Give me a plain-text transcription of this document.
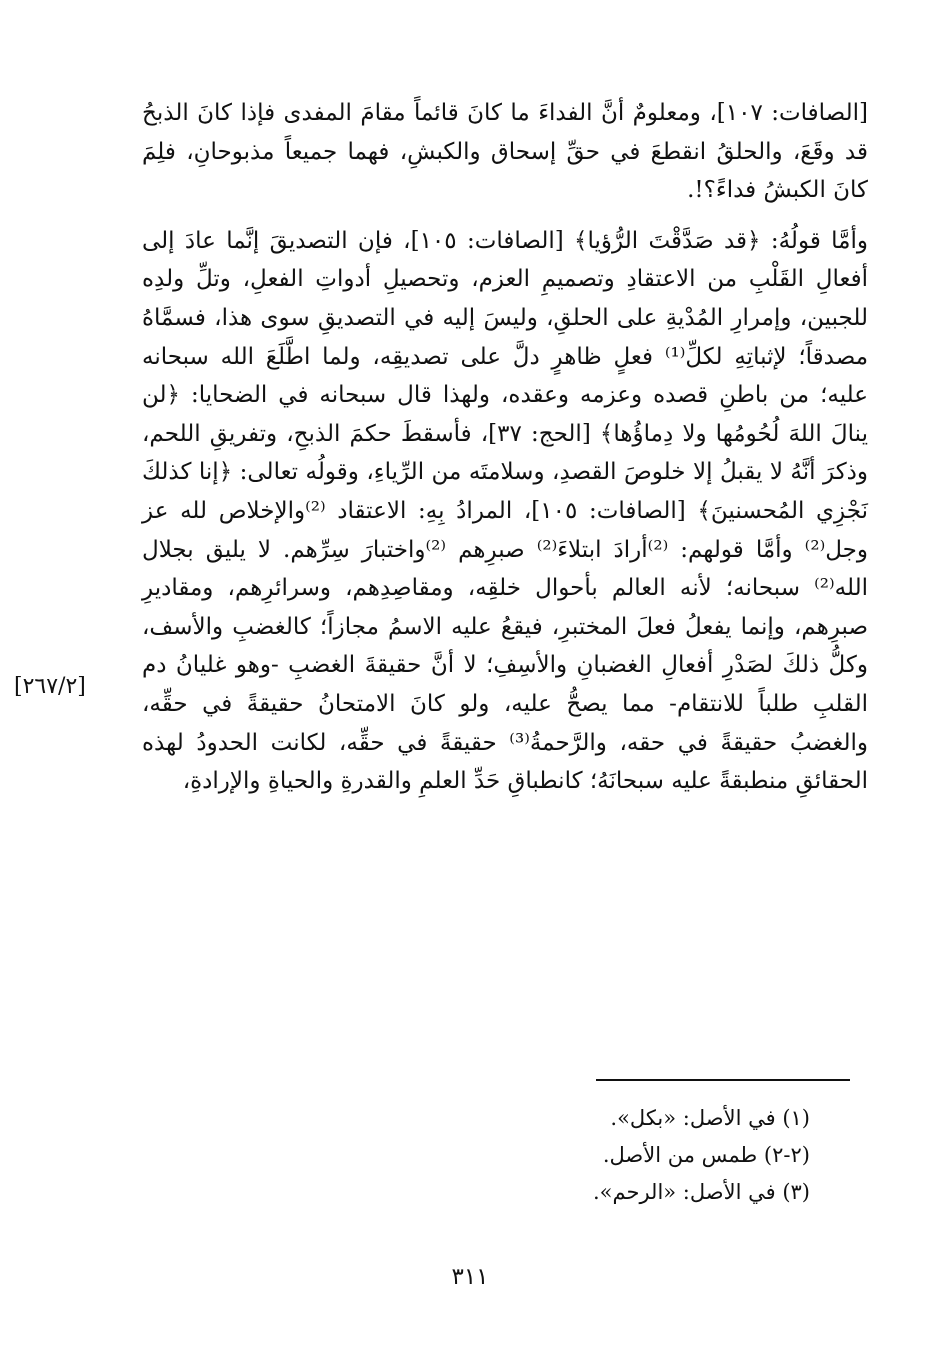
[الصافات: ١٠٧]، ومعلومٌ أنَّ الفداءَ ما كانَ قائماً مقامَ المفدى فإذا كانَ الذبحُ قد وقَعَ، والحلقُ انقطعَ في حقِّ إسحاق والكبشِ، فهما جميعاً مذبوحانِ، فلِمَ كانَ الكبشُ فداءً؟!.

وأمَّا قولُهُ: ﴿قد صَدَّقْتَ الرُّؤيا﴾ [الصافات: ١٠٥]، فإن التصديقَ إنَّما عادَ إلى أفعالِ القَلْبِ من الاعتقادِ وتصميمِ العزم، وتحصيلِ أدواتِ الفعلِ، وتلِّ ولدِه للجبين، وإمرارِ المُدْيةِ على الحلقِ، وليسَ إليه في التصديقِ سوى هذا، فسمَّاهُ مصدقاً؛ لإثباتِهِ لكلِّ⁽¹⁾ فعلٍ ظاهرٍ دلَّ على تصديقِه، ولما اطَّلَعَ الله سبحانه عليه؛ من باطنِ قصده وعزمه وعقده، ولهذا قال سبحانه في الضحايا: ﴿لن ينالَ اللهَ لُحُومُها ولا دِماؤُها﴾ [الحج: ٣٧]، فأسقطَ حكمَ الذبحِ، وتفريقِ اللحم، وذكرَ أنَّهُ لا يقبلُ إلا خلوصَ القصدِ، وسلامتَه من الرِّياءِ، وقولُه تعالى: ﴿إنا كذلكَ نَجْزِي المُحسنينَ﴾ [الصافات: ١٠٥]، المرادُ بِهِ: الاعتقاد ⁽²⁾والإخلاص لله عز وجل⁽²⁾ وأمَّا قولهم: ⁽²⁾أرادَ ابتلاءَ⁽²⁾ صبرِهم ⁽²⁾واختبارَ سِرِّهم. لا يليق بجلال الله⁽²⁾ سبحانه؛ لأنه العالم بأحوال خلقِه، ومقاصِدِهم، وسرائرِهم، ومقاديرِ صبرِهم، وإنما يفعلُ فعلَ المختبرِ، فيقعُ عليه الاسمُ مجازاً؛ كالغضبِ والأسف، وكلُّ ذلكَ لصَدْرِ أفعالِ الغضبانِ والأسِفِ؛ لا أنَّ حقيقةَ الغضبِ -وهو غليانُ دم القلبِ طلباً للانتقام- مما يصحُّ عليه، ولو كانَ الامتحانُ حقيقةً في حقِّه، والغضبُ حقيقةً في حقه، والرَّحمةُ⁽³⁾ حقيقةً في حقِّه، لكانت الحدودُ لهذه الحقائقِ منطبقةً عليه سبحانَهُ؛ كانطباقِ حَدِّ العلمِ والقدرةِ والحياةِ والإرادةِ،

[٢٦٧/٢]
(١) في الأصل: «بكل».
(٢-٢) طمس من الأصل.
(٣) في الأصل: «الرحم».
٣١١
